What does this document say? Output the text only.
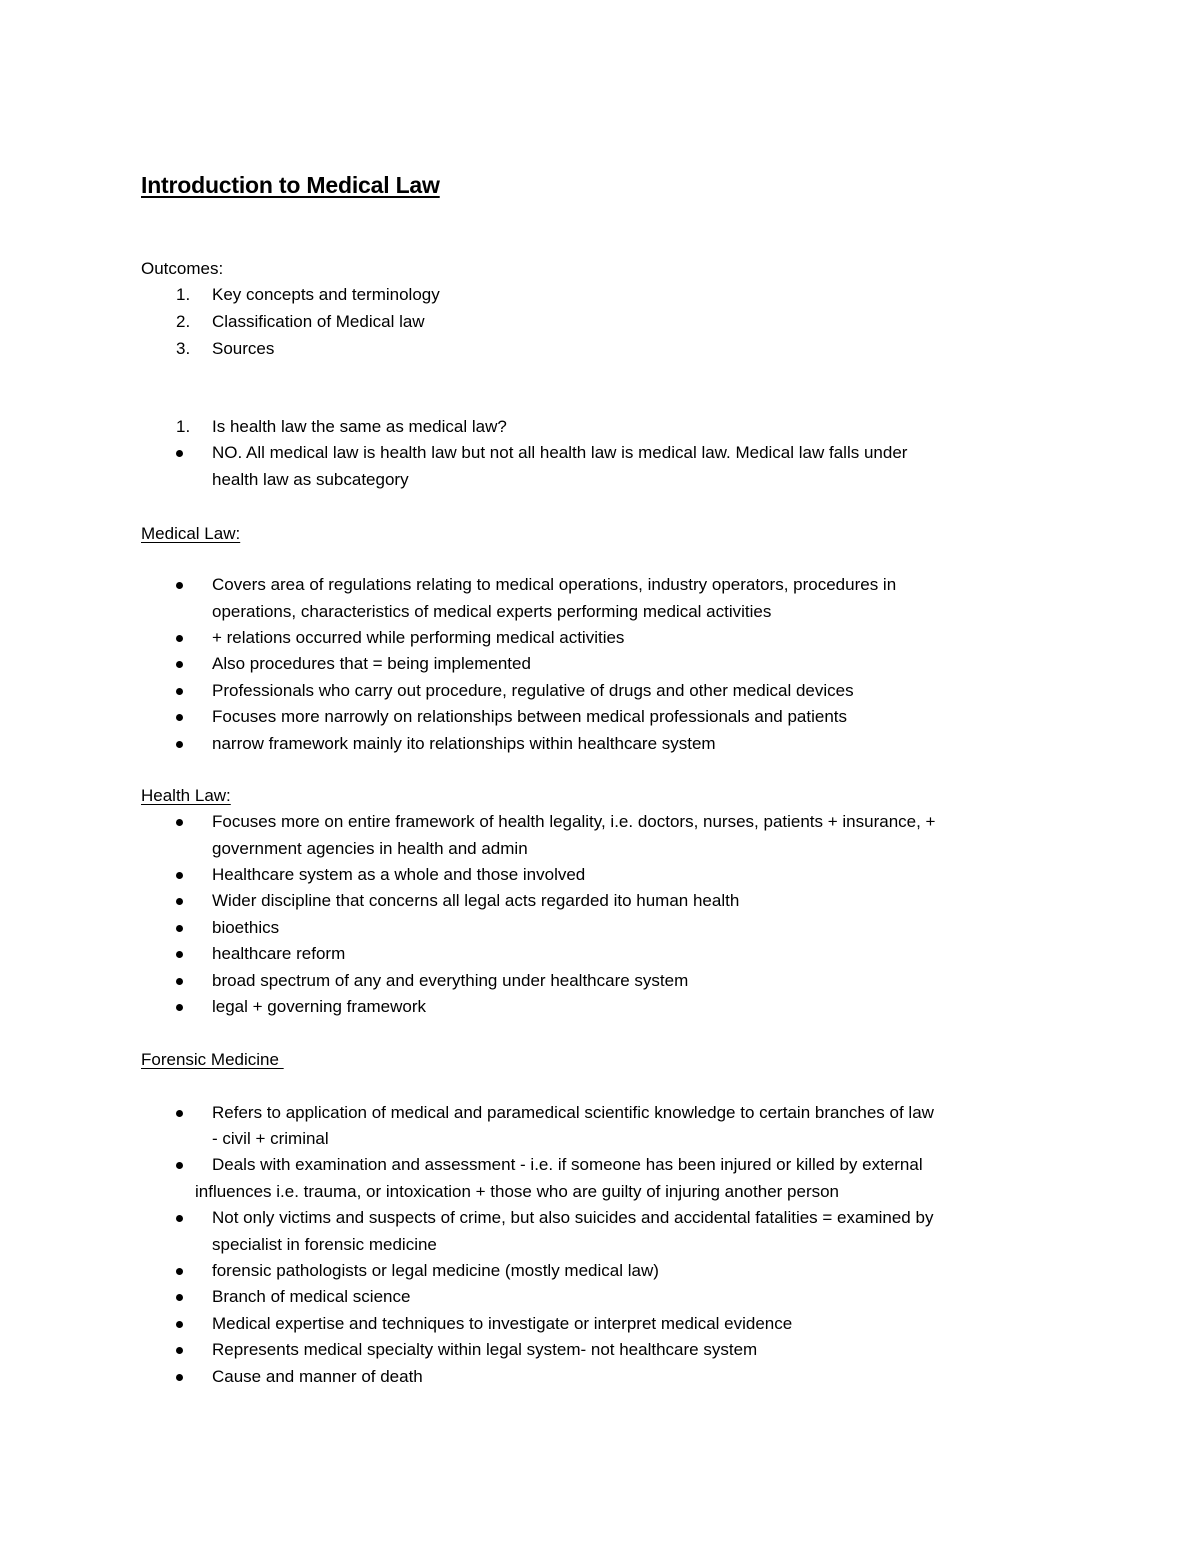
Introduction to Medical Law
Outcomes:
1. Key concepts and terminology
2. Classification of Medical law
3. Sources
1. Is health law the same as medical law?
NO. All medical law is health law but not all health law is medical law. Medical law falls under
health law as subcategory
Medical Law:
Covers area of regulations relating to medical operations, industry operators, procedures in
operations, characteristics of medical experts performing medical activities
+ relations occurred while performing medical activities
Also procedures that = being implemented
Professionals who carry out procedure, regulative of drugs and other medical devices
Focuses more narrowly on relationships between medical professionals and patients
narrow framework mainly ito relationships within healthcare system
Health Law:
Focuses more on entire framework of health legality, i.e. doctors, nurses, patients + insurance, +
government agencies in health and admin
Healthcare system as a whole and those involved
Wider discipline that concerns all legal acts regarded ito human health
bioethics
healthcare reform
broad spectrum of any and everything under healthcare system
legal + governing framework
Forensic Medicine
Refers to application of medical and paramedical scientific knowledge to certain branches of law
- civil + criminal
Deals with examination and assessment - i.e. if someone has been injured or killed by external
influences i.e. trauma, or intoxication + those who are guilty of injuring another person
Not only victims and suspects of crime, but also suicides and accidental fatalities = examined by
specialist in forensic medicine
forensic pathologists or legal medicine (mostly medical law)
Branch of medical science
Medical expertise and techniques to investigate or interpret medical evidence
Represents medical specialty within legal system- not healthcare system
Cause and manner of death
